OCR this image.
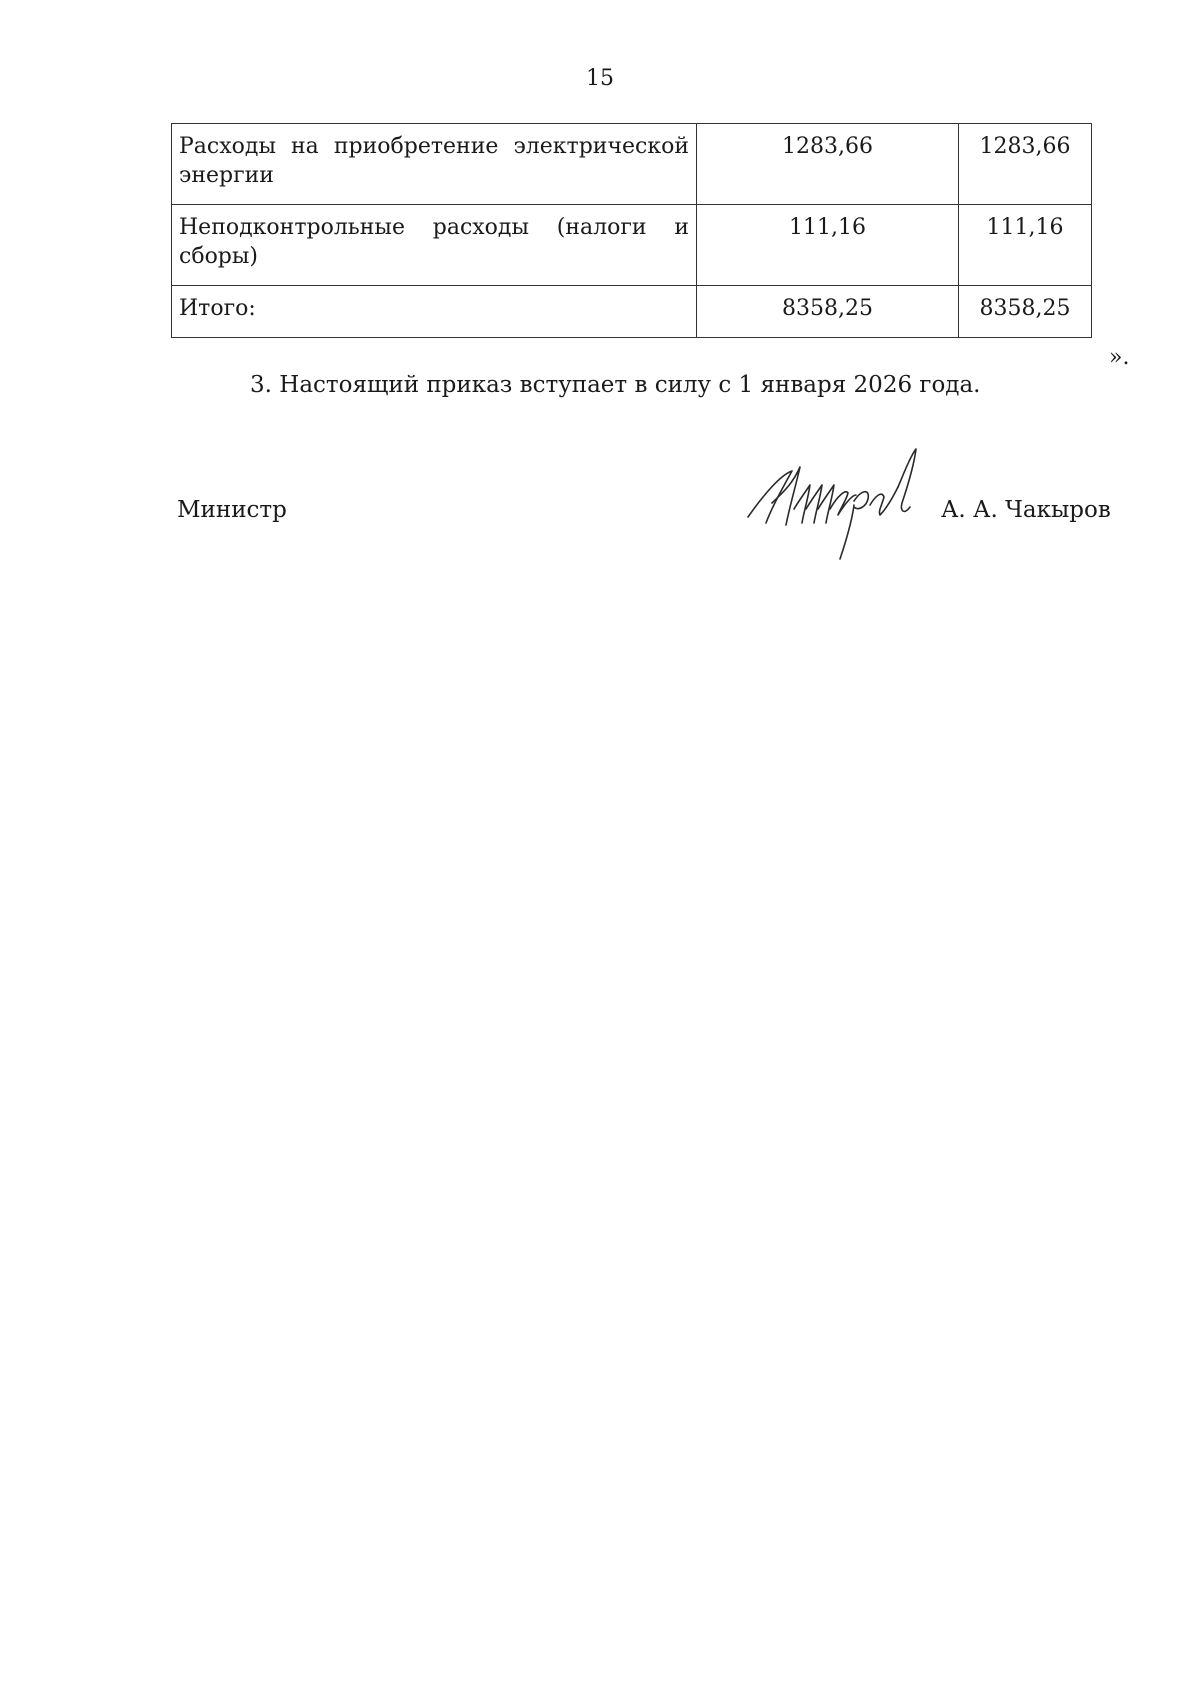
15
Расходы на приобретение электрической энергии	1283,66	1283,66
Неподконтрольные расходы (налоги и сборы)	111,16	111,16
Итого:	8358,25	8358,25
».
3. Настоящий приказ вступает в силу с 1 января 2026 года.
Министр	А. А. Чакыров
